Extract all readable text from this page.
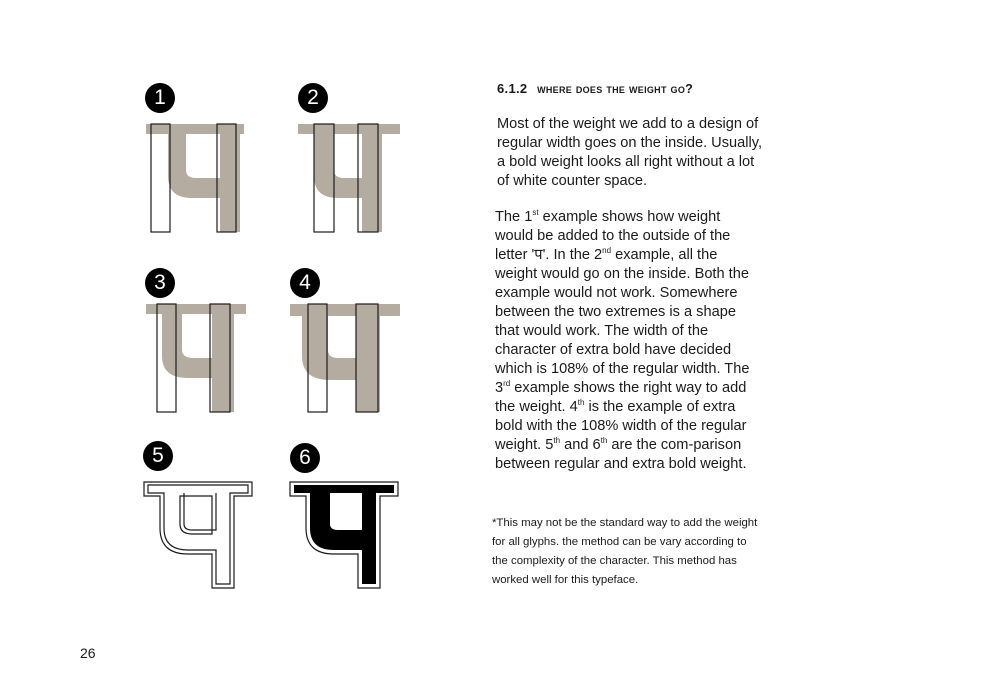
1	2
3	4
5	6
6.1.2 where does the weight go?
Most of the weight we add to a design of regular width goes on the inside. Usually, a bold weight looks all right without a lot of white counter space.
The 1st example shows how weight would be added to the outside of the letter 'प'. In the 2nd example, all the weight would go on the inside. Both the example would not work. Somewhere between the two extremes is a shape that would work. The width of the character of extra bold have decided which is 108% of the regular width. The 3rd example shows the right way to add the weight. 4th is the example of extra bold with the 108% width of the regular weight. 5th and 6th are the com-parison between regular and extra bold weight.
*This may not be the standard way to add the weight for all glyphs. the method can be vary according to the complexity of the character. This method has worked well for this typeface.
26
